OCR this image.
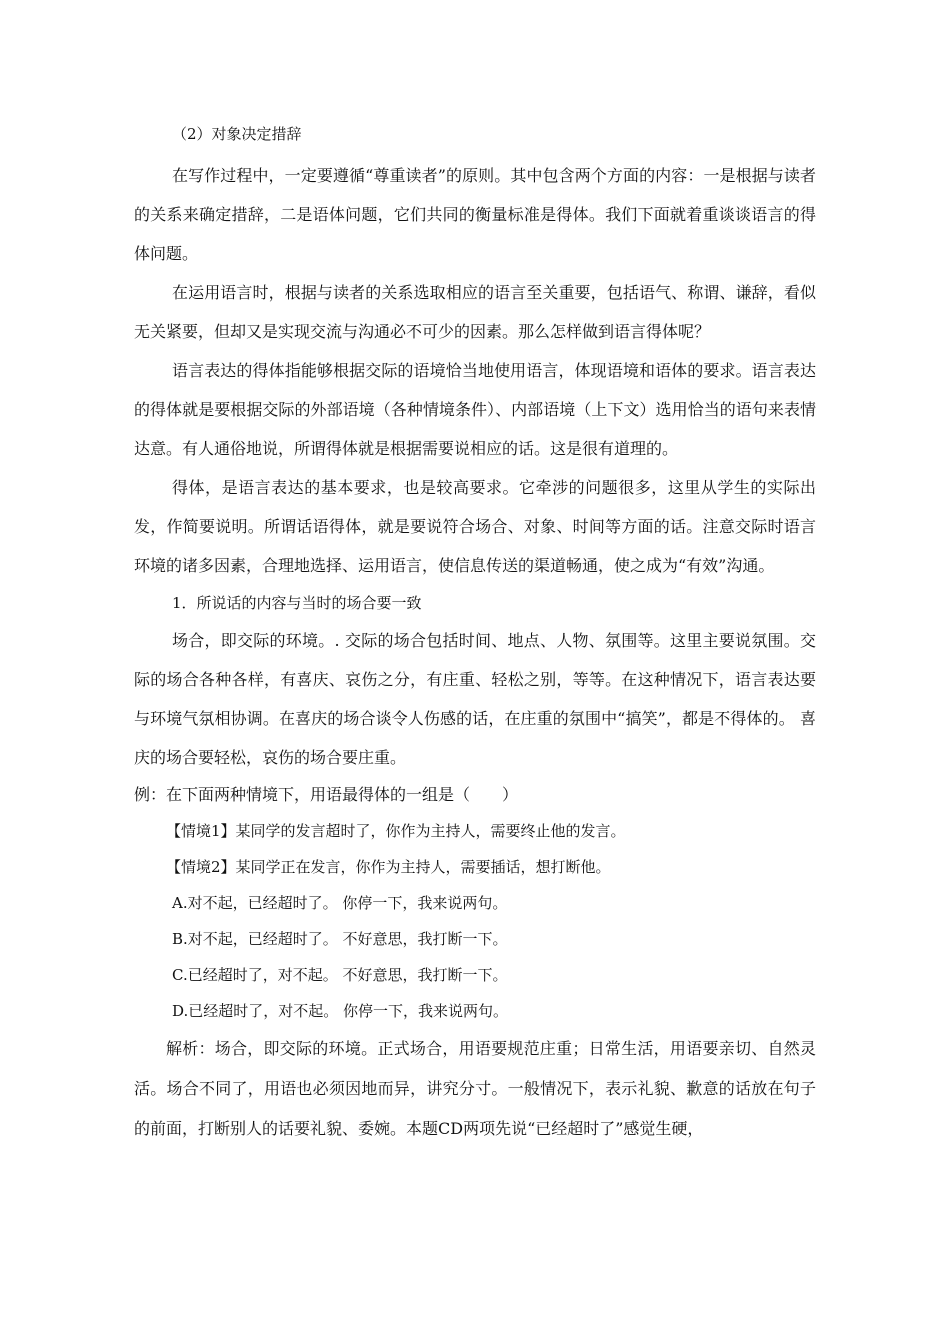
（2）对象决定措辞

在写作过程中，一定要遵循“尊重读者”的原则。其中包含两个方面的内容：一是根据与读者的关系来确定措辞，二是语体问题，它们共同的衡量标准是得体。我们下面就着重谈谈语言的得体问题。

在运用语言时，根据与读者的关系选取相应的语言至关重要，包括语气、称谓、谦辞，看似无关紧要，但却又是实现交流与沟通必不可少的因素。那么怎样做到语言得体呢？

语言表达的得体指能够根据交际的语境恰当地使用语言，体现语境和语体的要求。语言表达的得体就是要根据交际的外部语境（各种情境条件）、内部语境（上下文）选用恰当的语句来表情达意。有人通俗地说，所谓得体就是根据需要说相应的话。这是很有道理的。

得体，是语言表达的基本要求，也是较高要求。它牵涉的问题很多，这里从学生的实际出发，作简要说明。所谓话语得体，就是要说符合场合、对象、时间等方面的话。注意交际时语言环境的诸多因素，合理地选择、运用语言，使信息传送的渠道畅通，使之成为“有效”沟通。

1．所说话的内容与当时的场合要一致

场合，即交际的环境。. 交际的场合包括时间、地点、人物、氛围等。这里主要说氛围。交际的场合各种各样，有喜庆、哀伤之分，有庄重、轻松之别，等等。在这种情况下，语言表达要与环境气氛相协调。在喜庆的场合谈令人伤感的话，在庄重的氛围中“搞笑”，都是不得体的。 喜庆的场合要轻松，哀伤的场合要庄重。

例：在下面两种情境下，用语最得体的一组是（　　）

【情境1】某同学的发言超时了，你作为主持人，需要终止他的发言。

【情境2】某同学正在发言，你作为主持人，需要插话，想打断他。

A.对不起，已经超时了。 你停一下，我来说两句。

B.对不起，已经超时了。 不好意思，我打断一下。

C.已经超时了，对不起。 不好意思，我打断一下。

D.已经超时了，对不起。 你停一下，我来说两句。

解析：场合，即交际的环境。正式场合，用语要规范庄重；日常生活，用语要亲切、自然灵活。场合不同了，用语也必须因地而异，讲究分寸。一般情况下，表示礼貌、歉意的话放在句子的前面，打断别人的话要礼貌、委婉。本题CD两项先说“已经超时了”感觉生硬，
